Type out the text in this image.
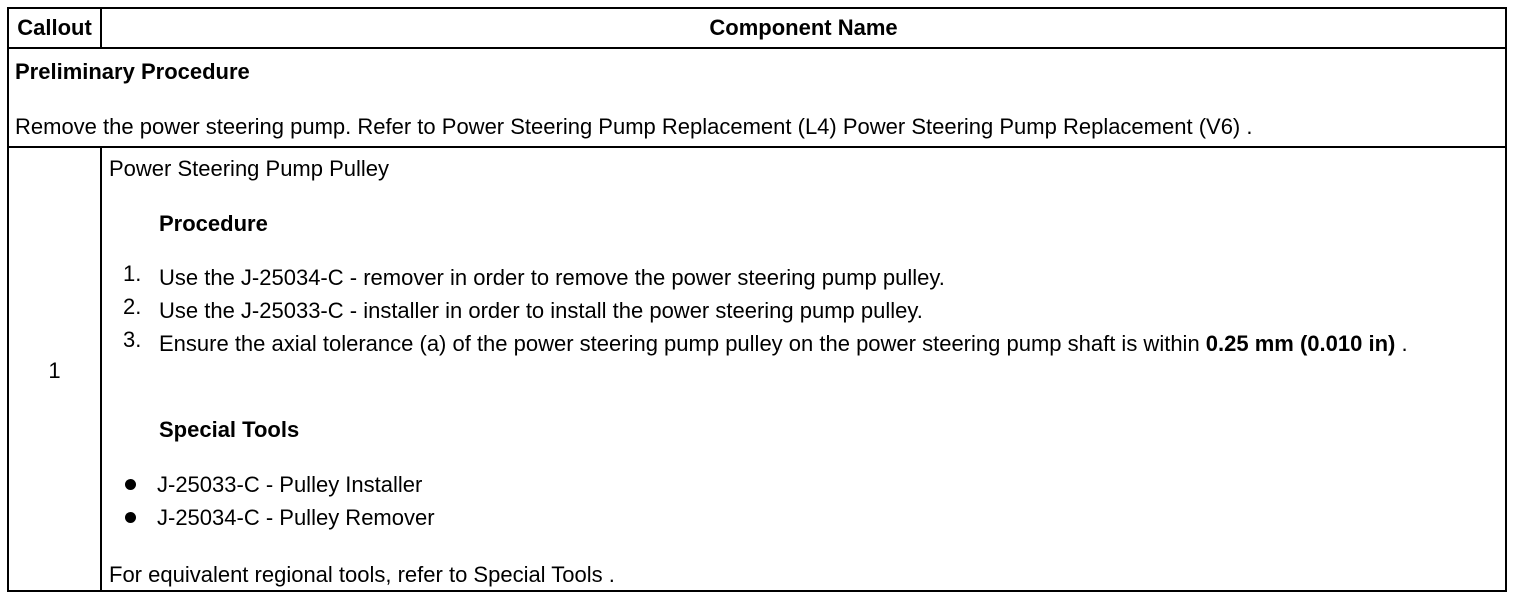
Callout	Component Name
Preliminary Procedure
Remove the power steering pump. Refer to Power Steering Pump Replacement (L4) Power Steering Pump Replacement (V6) .
1
Power Steering Pump Pulley
Procedure
1. Use the J-25034-C - remover in order to remove the power steering pump pulley.
2. Use the J-25033-C - installer in order to install the power steering pump pulley.
3. Ensure the axial tolerance (a) of the power steering pump pulley on the power steering pump shaft is within 0.25 mm (0.010 in) .
Special Tools
J-25033-C - Pulley Installer
J-25034-C - Pulley Remover
For equivalent regional tools, refer to Special Tools .
